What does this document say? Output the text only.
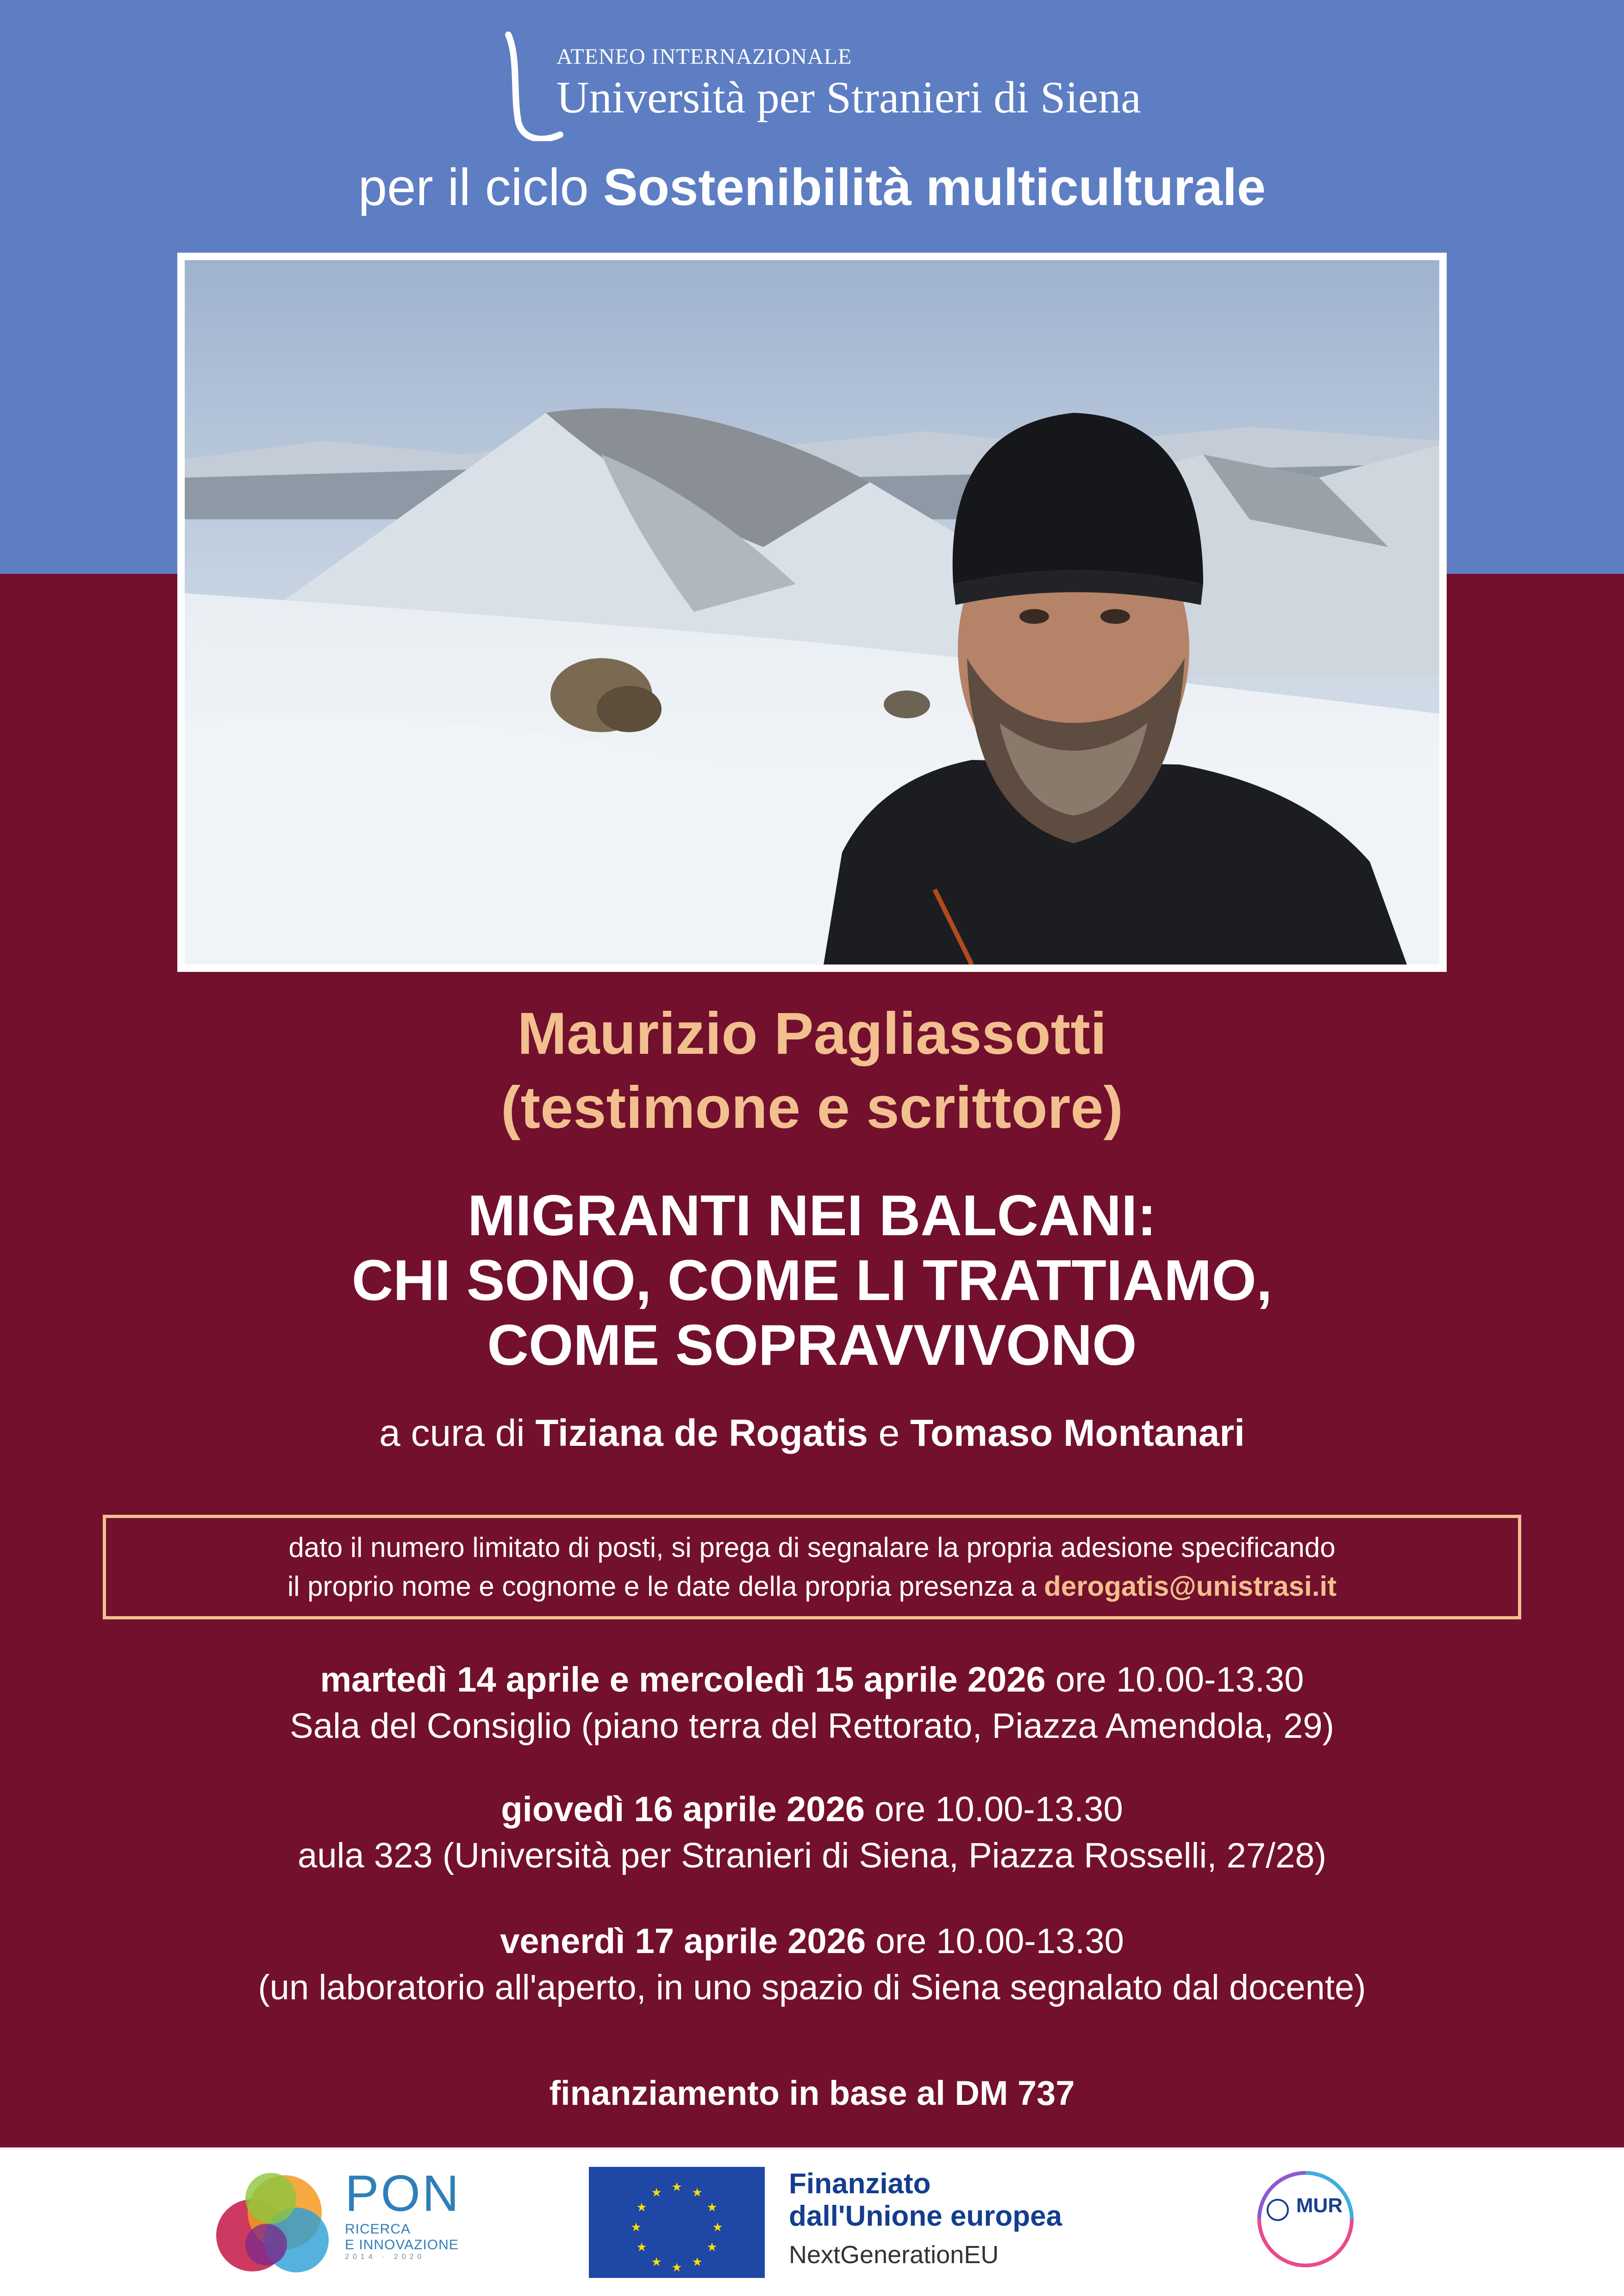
ATENEO INTERNAZIONALE
Università per Stranieri di Siena
per il ciclo Sostenibilità multiculturale
Maurizio Pagliassotti
(testimone e scrittore)
MIGRANTI NEI BALCANI:
CHI SONO, COME LI TRATTIAMO,
COME SOPRAVVIVONO
a cura di Tiziana de Rogatis e Tomaso Montanari
dato il numero limitato di posti, si prega di segnalare la propria adesione specificando
il proprio nome e cognome e le date della propria presenza a derogatis@unistrasi.it
martedì 14 aprile e mercoledì 15 aprile 2026 ore 10.00-13.30
Sala del Consiglio (piano terra del Rettorato, Piazza Amendola, 29)
giovedì 16 aprile 2026 ore 10.00-13.30
aula 323 (Università per Stranieri di Siena, Piazza Rosselli, 27/28)
venerdì 17 aprile 2026 ore 10.00-13.30
(un laboratorio all'aperto, in uno spazio di Siena segnalato dal docente)
finanziamento in base al DM 737
PON
RICERCA
E INNOVAZIONE
2014 · 2020
★ ★
★
★
★
★
★
★
★
★
★
★	Finanziato
dall'Unione europea
NextGenerationEU
MUR
